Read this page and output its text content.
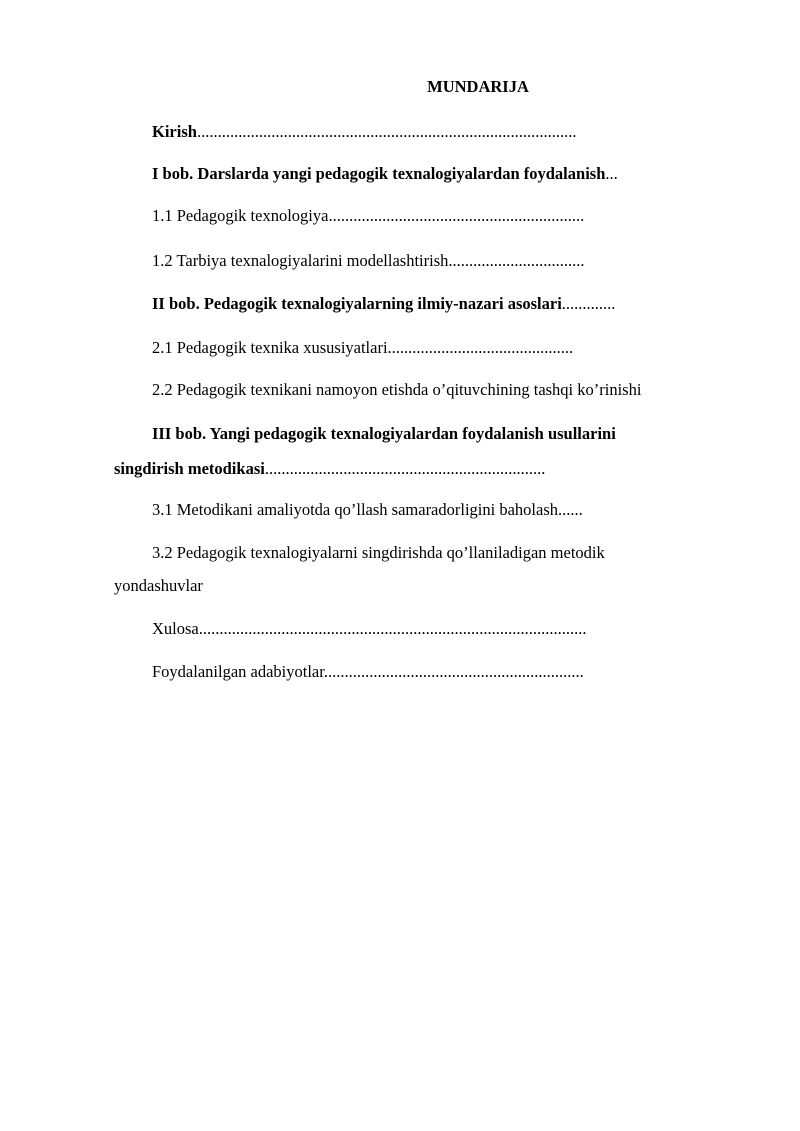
MUNDARIJA
Kirish............................................................................................
I bob. Darslarda yangi pedagogik texnalogiyalardan foydalanish...
1.1 Pedagogik texnologiya..............................................................
1.2 Tarbiya texnalogiyalarini modellashtirish.................................
II bob. Pedagogik texnalogiyalarning ilmiy-nazari asoslari.............
2.1 Pedagogik texnika xususiyatlari.............................................
2.2 Pedagogik texnikani namoyon etishda o’qituvchining tashqi ko’rinishi
III bob. Yangi pedagogik texnalogiyalardan foydalanish usullarini
singdirish metodikasi....................................................................
3.1 Metodikani amaliyotda qo’llash samaradorligini baholash......
3.2 Pedagogik texnalogiyalarni singdirishda qo’llaniladigan metodik
yondashuvlar
Xulosa..............................................................................................
Foydalanilgan adabiyotlar...............................................................
